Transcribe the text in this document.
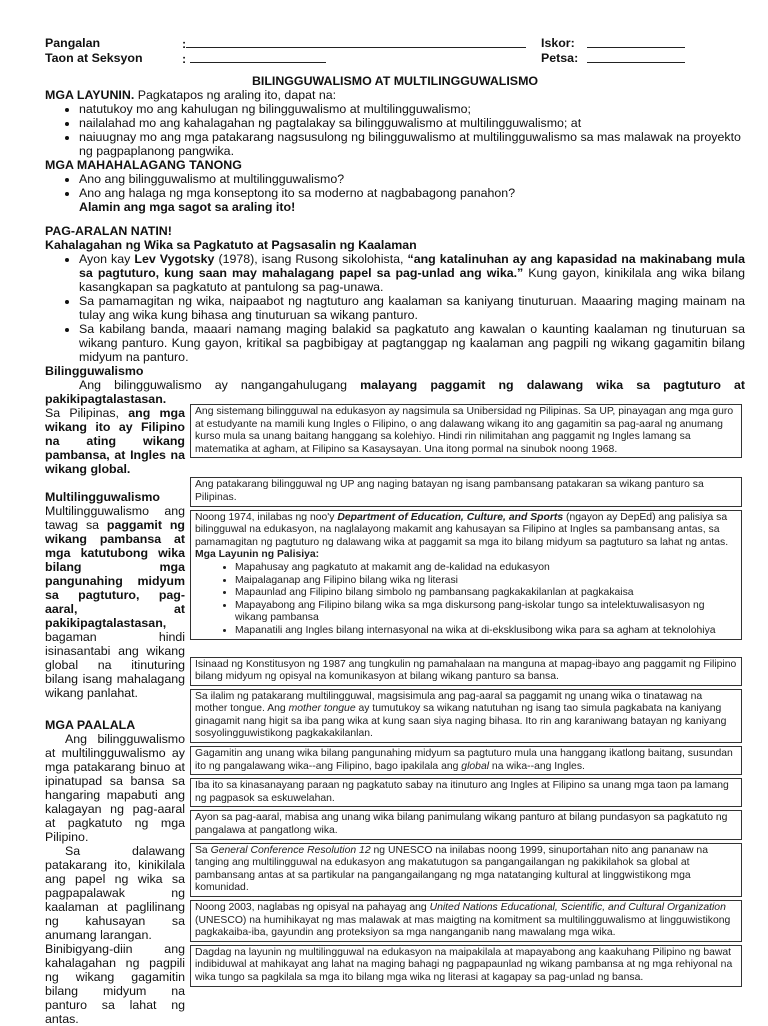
Pangalan	:	Iskor:
Taon at Seksyon	:	Petsa:
BILINGGUWALISMO AT MULTILINGGUWALISMO
MGA LAYUNIN. Pagkatapos ng araling ito, dapat na:
• natutukoy mo ang kahulugan ng bilingguwalismo at multilingguwalismo;
• nailalahad mo ang kahalagahan ng pagtalakay sa bilingguwalismo at multilingguwalismo; at
• naiuugnay mo ang mga patakarang nagsusulong ng bilingguwalismo at multilingguwalismo sa mas malawak na proyekto ng pagpaplanong pangwika.
MGA MAHAHALAGANG TANONG
• Ano ang bilingguwalismo at multilingguwalismo?
• Ano ang halaga ng mga konseptong ito sa moderno at nagbabagong panahon?
Alamin ang mga sagot sa araling ito!
PAG-ARALAN NATIN!
Kahalagahan ng Wika sa Pagkatuto at Pagsasalin ng Kaalaman
• Ayon kay Lev Vygotsky (1978), isang Rusong sikolohista, “ang katalinuhan ay ang kapasidad na makinabang mula sa pagtuturo, kung saan may mahalagang papel sa pag-unlad ang wika.” Kung gayon, kinikilala ang wika bilang kasangkapan sa pagkatuto at pantulong sa pag-unawa.
• Sa pamamagitan ng wika, naipaabot ng nagtuturo ang kaalaman sa kaniyang tinuturuan. Maaaring maging mainam na tulay ang wika kung bihasa ang tinuturuan sa wikang panturo.
• Sa kabilang banda, maaari namang maging balakid sa pagkatuto ang kawalan o kaunting kaalaman ng tinuturuan sa wikang panturo. Kung gayon, kritikal sa pagbibigay at pagtanggap ng kaalaman ang pagpili ng wikang gagamitin bilang midyum na panturo.
Bilingguwalismo
Ang bilingguwalismo ay nangangahulugang malayang paggamit ng dalawang wika sa pagtuturo at pakikipagtalastasan.
Sa Pilipinas, ang mga wikang ito ay Filipino na ating wikang pambansa, at Ingles na wikang global.
Multilingguwalismo
Multilingguwalismo ang tawag sa paggamit ng wikang pambansa at mga katutubong wika bilang mga pangunahing midyum sa pagtuturo, pag-aaral, at pakikipagtalastasan, bagaman hindi isinasantabi ang wikang global na itinuturing bilang isang mahalagang wikang panlahat.
MGA PAALALA
Ang bilingguwalismo at multilingguwalismo ay mga patakarang binuo at ipinatupad sa bansa sa hangaring mapabuti ang kalagayan ng pag-aaral at pagkatuto ng mga Pilipino.
Sa dalawang patakarang ito, kinikilala ang papel ng wika sa pagpapalawak ng kaalaman at paglilinang ng kahusayan sa anumang larangan.
Binibigyang-diin ang kahalagahan ng pagpili ng wikang gagamitin bilang midyum na panturo sa lahat ng antas.
Ang sistemang bilingguwal na edukasyon ay nagsimula sa Unibersidad ng Pilipinas. Sa UP, pinayagan ang mga guro at estudyante na mamili kung Ingles o Filipino, o ang dalawang wikang ito ang gagamitin sa pag-aaral ng anumang kurso mula sa unang baitang hanggang sa kolehiyo. Hindi rin nilimitahan ang paggamit ng Ingles lamang sa matematika at agham, at Filipino sa Kasaysayan. Una itong pormal na sinubok noong 1968.
Ang patakarang bilingguwal ng UP ang naging batayan ng isang pambansang patakaran sa wikang panturo sa Pilipinas.
Noong 1974, inilabas ng noo'y Department of Education, Culture, and Sports (ngayon ay DepEd) ang palisiya sa bilingguwal na edukasyon, na naglalayong makamit ang kahusayan sa Filipino at Ingles sa pambansang antas, sa pamamagitan ng pagtuturo ng dalawang wika at paggamit sa mga ito bilang midyum sa pagtuturo sa lahat ng antas.
Mga Layunin ng Palisiya:
• Mapahusay ang pagkatuto at makamit ang de-kalidad na edukasyon
• Maipalaganap ang Filipino bilang wika ng literasi
• Mapaunlad ang Filipino bilang simbolo ng pambansang pagkakakilanlan at pagkakaisa
• Mapayabong ang Filipino bilang wika sa mga diskursong pang-iskolar tungo sa intelektuwalisasyon ng wikang pambansa
• Mapanatili ang Ingles bilang internasyonal na wika at di-eksklusibong wika para sa agham at teknolohiya
Isinaad ng Konstitusyon ng 1987 ang tungkulin ng pamahalaan na manguna at mapag-ibayo ang paggamit ng Filipino bilang midyum ng opisyal na komunikasyon at bilang wikang panturo sa bansa.
Sa ilalim ng patakarang multilingguwal, magsisimula ang pag-aaral sa paggamit ng unang wika o tinatawag na mother tongue. Ang mother tongue ay tumutukoy sa wikang natutuhan ng isang tao simula pagkabata na kaniyang ginagamit nang higit sa iba pang wika at kung saan siya naging bihasa. Ito rin ang karaniwang batayan ng kaniyang sosyolingguwistikong pagkakakilanlan.
Gagamitin ang unang wika bilang pangunahing midyum sa pagtuturo mula una hanggang ikatlong baitang, susundan ito ng pangalawang wika--ang Filipino, bago ipakilala ang global na wika--ang Ingles.
Iba ito sa kinasanayang paraan ng pagkatuto sabay na itinuturo ang Ingles at Filipino sa unang mga taon pa lamang ng pagpasok sa eskuwelahan.
Ayon sa pag-aaral, mabisa ang unang wika bilang panimulang wikang panturo at bilang pundasyon sa pagkatuto ng pangalawa at pangatlong wika.
Sa General Conference Resolution 12 ng UNESCO na inilabas noong 1999, sinuportahan nito ang pananaw na tanging ang multilingguwal na edukasyon ang makatutugon sa pangangailangan ng pakikilahok sa global at pambansang antas at sa partikular na pangangailangang ng mga natatanging kultural at linggwistikong mga komunidad.
Noong 2003, naglabas ng opisyal na pahayag ang United Nations Educational, Scientific, and Cultural Organization (UNESCO) na humihikayat ng mas malawak at mas maigting na komitment sa multilingguwalismo at lingguwistikong pagkakaiba-iba, gayundin ang proteksiyon sa mga nanganganib nang mawalang mga wika.
Dagdag na layunin ng multilingguwal na edukasyon na maipakilala at mapayabong ang kaakuhang Pilipino ng bawat indibiduwal at mahikayat ang lahat na maging bahagi ng pagpapaunlad ng wikang pambansa at ng mga rehiyonal na wika tungo sa pagkilala sa mga ito bilang mga wika ng literasi at kagapay sa pag-unlad ng bansa.
